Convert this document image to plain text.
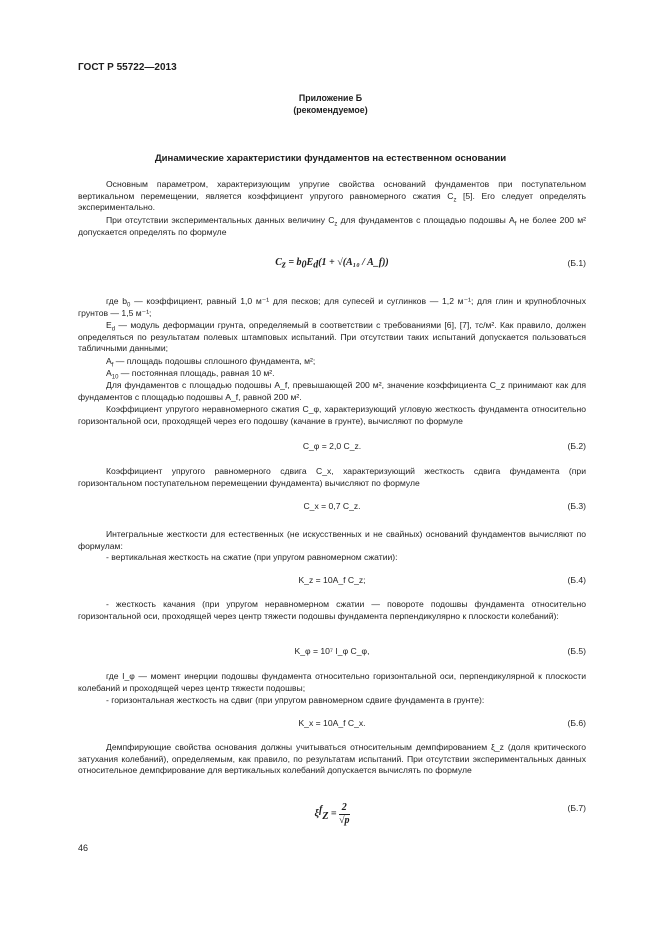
ГОСТ Р 55722—2013
Приложение Б
(рекомендуемое)
Динамические характеристики фундаментов на естественном основании
Основным параметром, характеризующим упругие свойства оснований фундаментов при поступательном вертикальном перемещении, является коэффициент упругого равномерного сжатия $C_z$ [5]. Его следует определять экспериментально.
При отсутствии экспериментальных данных величину $C_z$ для фундаментов с площадью подошвы $A_f$ не более 200 м² допускается определять по формуле
$C_z = b_0E_d(1 + √(A_{10}$ / A_f))	(Б.1)
где $b_0$ — коэффициент, равный 1,0 м⁻¹ для песков; для супесей и суглинков — 1,2 м⁻¹; для глин и крупноблочных грунтов — 1,5 м⁻¹;
$E_d$ — модуль деформации грунта, определяемый в соответствии с требованиями [6], [7], тс/м². Как правило, должен определяться по результатам полевых штамповых испытаний. При отсутствии таких испытаний допускается пользоваться табличными данными;
$A_f$ — площадь подошвы сплошного фундамента, м²;
$A_{10}$ — постоянная площадь, равная 10 м².
Для фундаментов с площадью подошвы A_f, превышающей 200 м², значение коэффициента C_z принимают как для фундаментов с площадью подошвы A_f, равной 200 м².
Коэффициент упругого неравномерного сжатия C_φ, характеризующий угловую жесткость фундамента относительно горизонтальной оси, проходящей через его подошву (качание в грунте), вычисляют по формуле
C_φ = 2,0 C_z.	(Б.2)
Коэффициент упругого равномерного сдвига C_x, характеризующий жесткость сдвига фундамента (при горизонтальном поступательном перемещении фундамента) вычисляют по формуле
C_x = 0,7 C_z.	(Б.3)
Интегральные жесткости для естественных (не искусственных и не свайных) оснований фундаментов вычисляют по формулам:
- вертикальная жесткость на сжатие (при упругом равномерном сжатии):
K_z = 10A_f C_z;	(Б.4)
- жесткость качания (при упругом неравномерном сжатии — повороте подошвы фундамента относительно горизонтальной оси, проходящей через центр тяжести подошвы фундамента перпендикулярно к плоскости колебаний):
K_φ = 10⁷ I_φ C_φ,	(Б.5)
где I_φ — момент инерции подошвы фундамента относительно горизонтальной оси, перпендикулярной к плоскости колебаний и проходящей через центр тяжести подошвы;
- горизонтальная жесткость на сдвиг (при упругом равномерном сдвиге фундамента в грунте):
K_x = 10A_f C_x.	(Б.6)
Демпфирующие свойства основания должны учитываться относительным демпфированием ξ_z (доля критического затухания колебаний), определяемым, как правило, по результатам испытаний. При отсутствии экспериментальных данных относительное демпфирование для вертикальных колебаний допускается вычислять по формуле
$\xi^f_Z = \frac{2}{√p}$	(Б.7)
46
